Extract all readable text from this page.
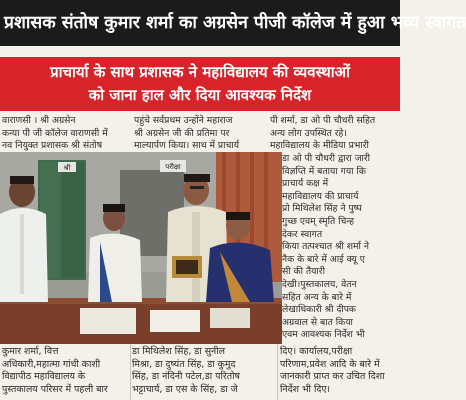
प्रशासक संतोष कुमार शर्मा का अग्रसेन पीजी कॉलेज में हुआ भव्य स्वागत
प्राचार्या के साथ प्रशासक ने महाविद्यालय की व्यवस्थाओं
को जाना हाल और दिया आवश्यक निर्देश
वाराणसी । श्री अग्रसेन
कन्या पी जी कॉलेज वाराणसी में
नव नियुक्त प्रशासक श्री संतोष
पहुंचे सर्वप्रथम उन्होंने महाराज
श्री अग्रसेन जी की प्रतिमा पर
माल्यार्पण किया। साथ में प्राचार्य
पी शर्मा, डा ओ पी चौधरी सहित
अन्य लोग उपस्थित रहे।
महाविद्यालय के मीडिया प्रभारी
डा ओ पी चौधरी द्वारा जारी
विज्ञप्ति में बताया गया कि
प्राचार्य कक्ष में
महाविद्यालय की प्राचार्य
प्रो मिथिलेश सिंह ने पुष्प
गुच्छ एवम् स्मृति चिन्ह
देकर स्वागत
किया तत्पश्चात श्री शर्मा ने
नैक के बारे में आई क्यू ए
सी की तैयारी
देखी।पुस्तकालय, वेतन
सहित अन्य के बारे में
लेखाधिकारी श्री दीपक
अग्रवाल से बात किया
एवम आवश्यक निर्देश भी
परीक्षा
श्री
कुमार शर्मा, वित्त
अधिकारी,महात्मा गांधी काशी
विद्यापीठ महाविद्यालय के
पुस्तकालय परिसर में पहली बार
डा मिथिलेश सिंह, डा सुनील
मिश्रा, डा दुष्यंत सिंह, डा कुमुद
सिंह, डा नंदिनी पटेल,डा परितोष
भट्टाचार्य, डा एस के सिंह, डा जे
दिए। कार्यालय,परीक्षा
परिणाम,प्रवेश आदि के बारे में
जानकारी प्राप्त कर उचित दिशा
निर्देश भी दिए।
